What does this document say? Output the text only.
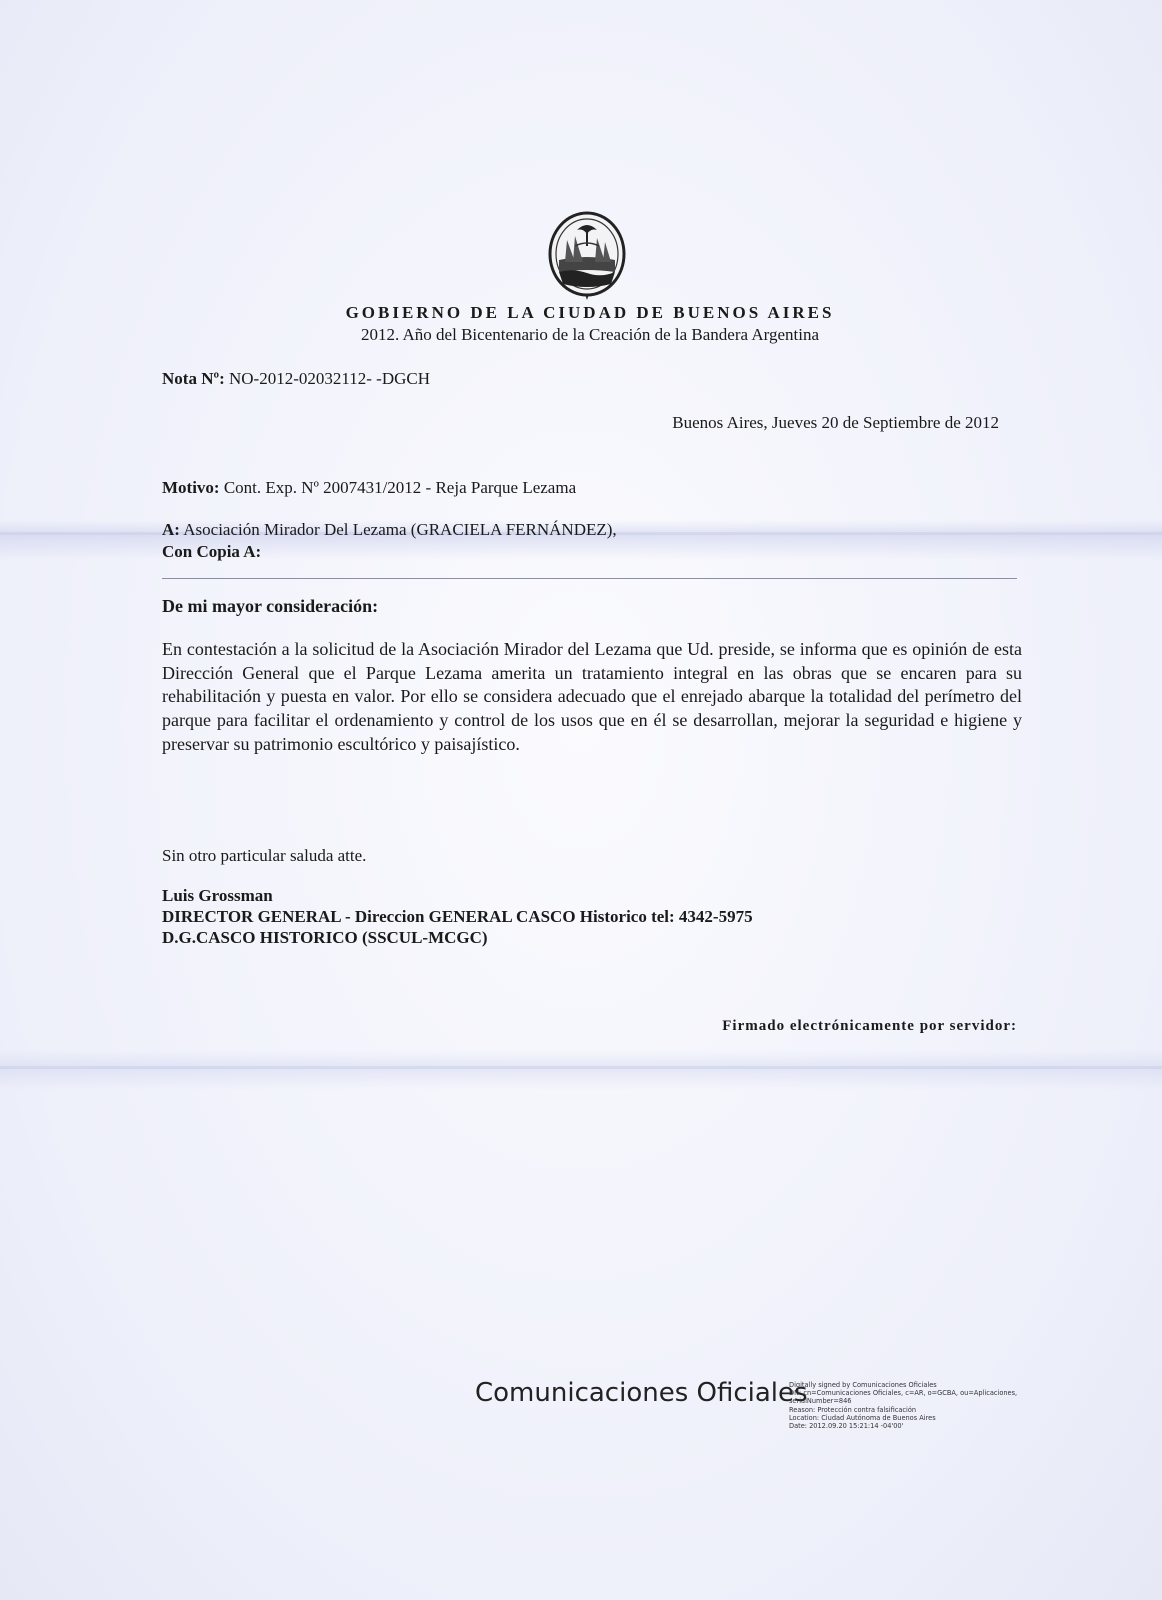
GOBIERNO DE LA CIUDAD DE BUENOS AIRES
2012. Año del Bicentenario de la Creación de la Bandera Argentina
Nota Nº: NO-2012-02032112- -DGCH
Buenos Aires, Jueves 20 de Septiembre de 2012
Motivo: Cont. Exp. Nº 2007431/2012 - Reja Parque Lezama
A: Asociación Mirador Del Lezama (GRACIELA FERNÁNDEZ),
Con Copia A:
De mi mayor consideración:
En contestación a la solicitud de la Asociación Mirador del Lezama que Ud. preside, se informa que es opinión de esta Dirección General que el Parque Lezama amerita un tratamiento integral en las obras que se encaren para su rehabilitación y puesta en valor. Por ello se considera adecuado que el enrejado abarque la totalidad del perímetro del parque para facilitar el ordenamiento y control de los usos que en él se desarrollan, mejorar la seguridad e higiene y preservar su patrimonio escultórico y paisajístico.
Sin otro particular saluda atte.
Luis Grossman
DIRECTOR GENERAL - Direccion GENERAL CASCO Historico tel: 4342-5975
D.G.CASCO HISTORICO (SSCUL-MCGC)
Firmado electrónicamente por servidor:
Comunicaciones Oficiales
Digitally signed by Comunicaciones Oficiales
DN: cn=Comunicaciones Oficiales, c=AR, o=GCBA, ou=Aplicaciones,
serialNumber=846
Reason: Protección contra falsificación
Location: Ciudad Autónoma de Buenos Aires
Date: 2012.09.20 15:21:14 -04'00'
